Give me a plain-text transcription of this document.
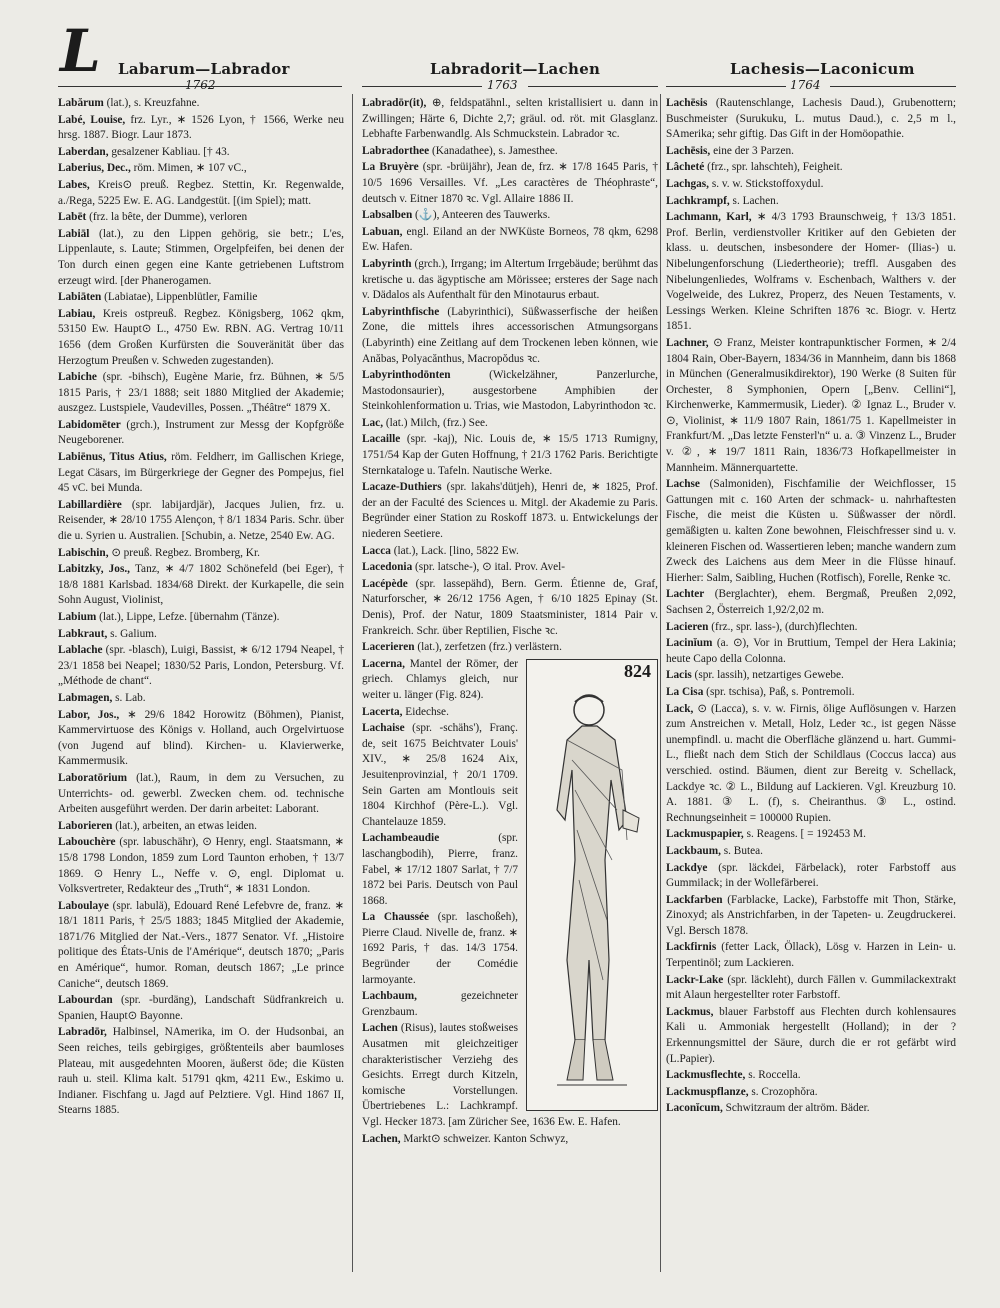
L Labarum—Labrador	Labradorit—Lachen	Lachesis—Laconicum
1762	1763	1764
Labărum (lat.), s. Kreuzfahne.
Labé, Louise, frz. Lyr., ∗ 1526 Lyon, † 1566, Werke neu hrsg. 1887. Biogr. Laur 1873.
Laberdan, gesalzener Kabliau. [† 43.
Laberius, Dec., röm. Mimen, ∗ 107 vC.,
Labes, Kreis⊙ preuß. Regbez. Stettin, Kr. Regenwalde, a./Rega, 5225 Ew. E. AG. Landgestüt. [(im Spiel); matt.
Labēt (frz. la bête, der Dumme), verloren
Labiāl (lat.), zu den Lippen gehörig, sie betr.; L'es, Lippenlaute, s. Laute; Stimmen, Orgelpfeifen, bei denen der Ton durch einen gegen eine Kante getriebenen Luftstrom erzeugt wird. [der Phanerogamen.
Labiāten (Labiatae), Lippenblütler, Familie
Labiau, Kreis ostpreuß. Regbez. Königsberg, 1062 qkm, 53150 Ew. Haupt⊙ L., 4750 Ew. RBN. AG. Vertrag 10/11 1656 (dem Großen Kurfürsten die Souveränität über das Herzogtum Preußen v. Schweden zugestanden).
Labiche (spr. -bihsch), Eugène Marie, frz. Bühnen, ∗ 5/5 1815 Paris, † 23/1 1888; seit 1880 Mitglied der Akademie; auszgez. Lustspiele, Vaudevilles, Possen. „Théâtre“ 1879 X.
Labidomēter (grch.), Instrument zur Messg der Kopfgröße Neugeborener.
Labiēnus, Titus Atius, röm. Feldherr, im Gallischen Kriege, Legat Cäsars, im Bürgerkriege der Gegner des Pompejus, fiel 45 vC. bei Munda.
Labillardière (spr. labijardjär), Jacques Julien, frz. u. Reisender, ∗ 28/10 1755 Alençon, † 8/1 1834 Paris. Schr. über die u. Syrien u. Australien. [Schubin, a. Netze, 2540 Ew. AG.
Labischin, ⊙ preuß. Regbez. Bromberg, Kr.
Labitzky, Jos., Tanz, ∗ 4/7 1802 Schönefeld (bei Eger), † 18/8 1881 Karlsbad. 1834/68 Direkt. der Kurkapelle, die sein Sohn August, Violinist,
Labium (lat.), Lippe, Lefze. [übernahm (Tänze).
Labkraut, s. Galium.
Lablache (spr. -blasch), Luigi, Bassist, ∗ 6/12 1794 Neapel, † 23/1 1858 bei Neapel; 1830/52 Paris, London, Petersburg. Vf. „Méthode de chant“.
Labmagen, s. Lab.
Labor, Jos., ∗ 29/6 1842 Horowitz (Böhmen), Pianist, Kammervirtuose des Königs v. Holland, auch Orgelvirtuose (von Jugend auf blind). Kirchen- u. Klavierwerke, Kammermusik.
Laboratōrium (lat.), Raum, in dem zu Versuchen, zu Unterrichts- od. gewerbl. Zwecken chem. od. technische Arbeiten ausgeführt werden. Der darin arbeitet: Laborant.
Laborieren (lat.), arbeiten, an etwas leiden.
Labouchère (spr. labuschähr), ⊙ Henry, engl. Staatsmann, ∗ 15/8 1798 London, 1859 zum Lord Taunton erhoben, † 13/7 1869. ⊙ Henry L., Neffe v. ⊙, engl. Diplomat u. Volksvertreter, Redakteur des „Truth“, ∗ 1831 London.
Laboulaye (spr. labulä), Edouard René Lefebvre de, franz. ∗ 18/1 1811 Paris, † 25/5 1883; 1845 Mitglied der Akademie, 1871/76 Mitglied der Nat.-Vers., 1877 Senator. Vf. „Histoire politique des États-Unis de l'Amérique“, deutsch 1870; „Paris en Amérique“, humor. Roman, deutsch 1867; „Le prince Caniche“, deutsch 1869.
Labourdan (spr. -burdäng), Landschaft Südfrankreich u. Spanien, Haupt⊙ Bayonne.
Labradōr, Halbinsel, NAmerika, im O. der Hudsonbai, an Seen reiches, teils gebirgiges, größtenteils aber baumloses Plateau, mit ausgedehnten Mooren, äußerst öde; die Küsten rauh u. steil. Klima kalt. 51791 qkm, 4211 Ew., Eskimo u. Indianer. Fischfang u. Jagd auf Pelztiere. Vgl. Hind 1867 II, Stearns 1885.
Labradōr(it), ⊕, feldspatähnl., selten kristallisiert u. dann in Zwillingen; Härte 6, Dichte 2,7; gräul. od. röt. mit Glasglanz. Lebhafte Farbenwandlg. Als Schmuckstein. Labrador ꝛc.
Labradorthee (Kanadathee), s. Jamesthee.
La Bruyère (spr. -brüijähr), Jean de, frz. ∗ 17/8 1645 Paris, † 10/5 1696 Versailles. Vf. „Les caractères de Théophraste“, deutsch v. Eitner 1870 ꝛc. Vgl. Allaire 1886 II.
Labsalben (⚓), Anteeren des Tauwerks.
Labuan, engl. Eiland an der NWKüste Borneos, 78 qkm, 6298 Ew. Hafen.
Labyrinth (grch.), Irrgang; im Altertum Irrgebäude; berühmt das kretische u. das ägyptische am Mörissee; ersteres der Sage nach v. Dädalos als Aufenthalt für den Minotaurus erbaut.
Labyrinthfische (Labyrinthici), Süßwasserfische der heißen Zone, die mittels ihres accessorischen Atmungsorgans (Labyrinth) eine Zeitlang auf dem Trockenen leben können, wie Anăbas, Polyacănthus, Macropŏdus ꝛc.
Labyrinthodōnten (Wickelzähner, Panzerlurche, Mastodonsaurier), ausgestorbene Amphibien der Steinkohlenformation u. Trias, wie Mastodon, Labyrinthodon ꝛc.
Lac, (lat.) Milch, (frz.) See.
Lacaille (spr. -kaj), Nic. Louis de, ∗ 15/5 1713 Rumigny, 1751/54 Kap der Guten Hoffnung, † 21/3 1762 Paris. Berichtigte Sternkataloge u. Tafeln. Nautische Werke.
Lacaze-Duthiers (spr. lakahs'dütjeh), Henri de, ∗ 1825, Prof. der an der Faculté des Sciences u. Mitgl. der Akademie zu Paris. Begründer einer Station zu Roskoff 1873. u. Entwickelungs der niederen Seetiere.
Lacca (lat.), Lack. [lino, 5822 Ew.
Lacedonia (spr. latsche-), ⊙ ital. Prov. Avel-
Lacépède (spr. lassepähd), Bern. Germ. Étienne de, Graf, Naturforscher, ∗ 26/12 1756 Agen, † 6/10 1825 Epinay (St. Denis), Prof. der Natur, 1809 Staatsminister, 1814 Pair v. Frankreich. Schr. über Reptilien, Fische ꝛc.
Lacerieren (lat.), zerfetzen (frz.) verlästern.
824
Lacerna, Mantel der Römer, der griech. Chlamys gleich, nur weiter u. länger (Fig. 824).
Lacerta, Eidechse.
Lachaise (spr. -schähs'), Franç. de, seit 1675 Beichtvater Louis' XIV., ∗ 25/8 1624 Aix, Jesuitenprovinzial, † 20/1 1709. Sein Garten am Montlouis seit 1804 Kirchhof (Père-L.). Vgl. Chantelauze 1859.
Lachambeaudie (spr. laschangbodih), Pierre, franz. Fabel, ∗ 17/12 1807 Sarlat, † 7/7 1872 bei Paris. Deutsch von Paul 1868.
La Chaussée (spr. laschoßeh), Pierre Claud. Nivelle de, franz. ∗ 1692 Paris, † das. 14/3 1754. Begründer der Comédie larmoyante.
Lachbaum, gezeichneter Grenzbaum.
Lachen (Risus), lautes stoßweises Ausatmen mit gleichzeitiger charakteristischer Verziehg des Gesichts. Erregt durch Kitzeln, komische Vorstellungen. Übertriebenes L.: Lachkrampf. Vgl. Hecker 1873. [am Züricher See, 1636 Ew. E. Hafen.
Lachen, Markt⊙ schweizer. Kanton Schwyz,
Lachēsis (Rautenschlange, Lachesis Daud.), Grubenottern; Buschmeister (Surukuku, L. mutus Daud.), c. 2,5 m l., SAmerika; sehr giftig. Das Gift in der Homöopathie.
Lachēsis, eine der 3 Parzen.
Lâcheté (frz., spr. lahschteh), Feigheit.
Lachgas, s. v. w. Stickstoffoxydul.
Lachkrampf, s. Lachen.
Lachmann, Karl, ∗ 4/3 1793 Braunschweig, † 13/3 1851. Prof. Berlin, verdienstvoller Kritiker auf den Gebieten der klass. u. deutschen, insbesondere der Homer- (Ilias-) u. Nibelungenforschung (Liedertheorie); treffl. Ausgaben des Nibelungenliedes, Wolframs v. Eschenbach, Walthers v. der Vogelweide, des Lukrez, Properz, des Neuen Testaments, v. Lessings Werken. Kleine Schriften 1876 ꝛc. Biogr. v. Hertz 1851.
Lachner, ⊙ Franz, Meister kontrapunktischer Formen, ∗ 2/4 1804 Rain, Ober-Bayern, 1834/36 in Mannheim, dann bis 1868 in München (Generalmusikdirektor), 190 Werke (8 Suiten für Orchester, 8 Symphonien, Opern [„Benv. Cellini“], Kirchenwerke, Kammermusik, Lieder). ② Ignaz L., Bruder v. ⊙, Violinist, ∗ 11/9 1807 Rain, 1861/75 1. Kapellmeister in Frankfurt/M. „Das letzte Fensterl'n“ u. a. ③ Vinzenz L., Bruder v. ②, ∗ 19/7 1811 Rain, 1836/73 Hofkapellmeister in Mannheim. Männerquartette.
Lachse (Salmoniden), Fischfamilie der Weichflosser, 15 Gattungen mit c. 160 Arten der schmack- u. nahrhaftesten Fische, die meist die Küsten u. Süßwasser der nördl. gemäßigten u. kalten Zone bewohnen, Fleischfresser sind u. v. kleineren Fischen od. Wassertieren leben; manche wandern zum Zweck des Laichens aus dem Meer in die Flüsse hinauf. Hierher: Salm, Saibling, Huchen (Rotfisch), Forelle, Renke ꝛc.
Lachter (Berglachter), ehem. Bergmaß, Preußen 2,092, Sachsen 2, Österreich 1,92/2,02 m.
Lacieren (frz., spr. lass-), (durch)flechten.
Lacinĭum (a. ⊙), Vor in Bruttium, Tempel der Hera Lakinia; heute Capo della Colonna.
Lacis (spr. lassih), netzartiges Gewebe.
La Cisa (spr. tschisa), Paß, s. Pontremoli.
Lack, ⊙ (Lacca), s. v. w. Firnis, ölige Auflösungen v. Harzen zum Anstreichen v. Metall, Holz, Leder ꝛc., ist gegen Nässe unempfindl. u. macht die Oberfläche glänzend u. hart. Gummi-L., fließt nach dem Stich der Schildlaus (Coccus lacca) aus verschied. ostind. Bäumen, dient zur Bereitg v. Schellack, Lackdye ꝛc. ② L., Bildung auf Lackieren. Vgl. Kreuzburg 10. A. 1881. ③ L. (f), s. Cheiranthus. ③ L., ostind. Rechnungseinheit = 100000 Rupien.
Lackmuspapier, s. Reagens. [ = 192453 M.
Lackbaum, s. Butea.
Lackdye (spr. läckdei, Färbelack), roter Farbstoff aus Gummilack; in der Wollefärberei.
Lackfarben (Farblacke, Lacke), Farbstoffe mit Thon, Stärke, Zinoxyd; als Anstrichfarben, in der Tapeten- u. Zeugdruckerei. Vgl. Bersch 1878.
Lackfirnis (fetter Lack, Öllack), Lösg v. Harzen in Lein- u. Terpentinöl; zum Lackieren.
Lackr-Lake (spr. läckleht), durch Fällen v. Gummilackextrakt mit Alaun hergestellter roter Farbstoff.
Lackmus, blauer Farbstoff aus Flechten durch kohlensaures Kali u. Ammoniak hergestellt (Holland); in der ? Erkennungsmittel der Säure, durch die er rot gefärbt wird (L.Papier).
Lackmusflechte, s. Roccella.
Lackmuspflanze, s. Crozophŏra.
Laconĭcum, Schwitzraum der altröm. Bäder.
